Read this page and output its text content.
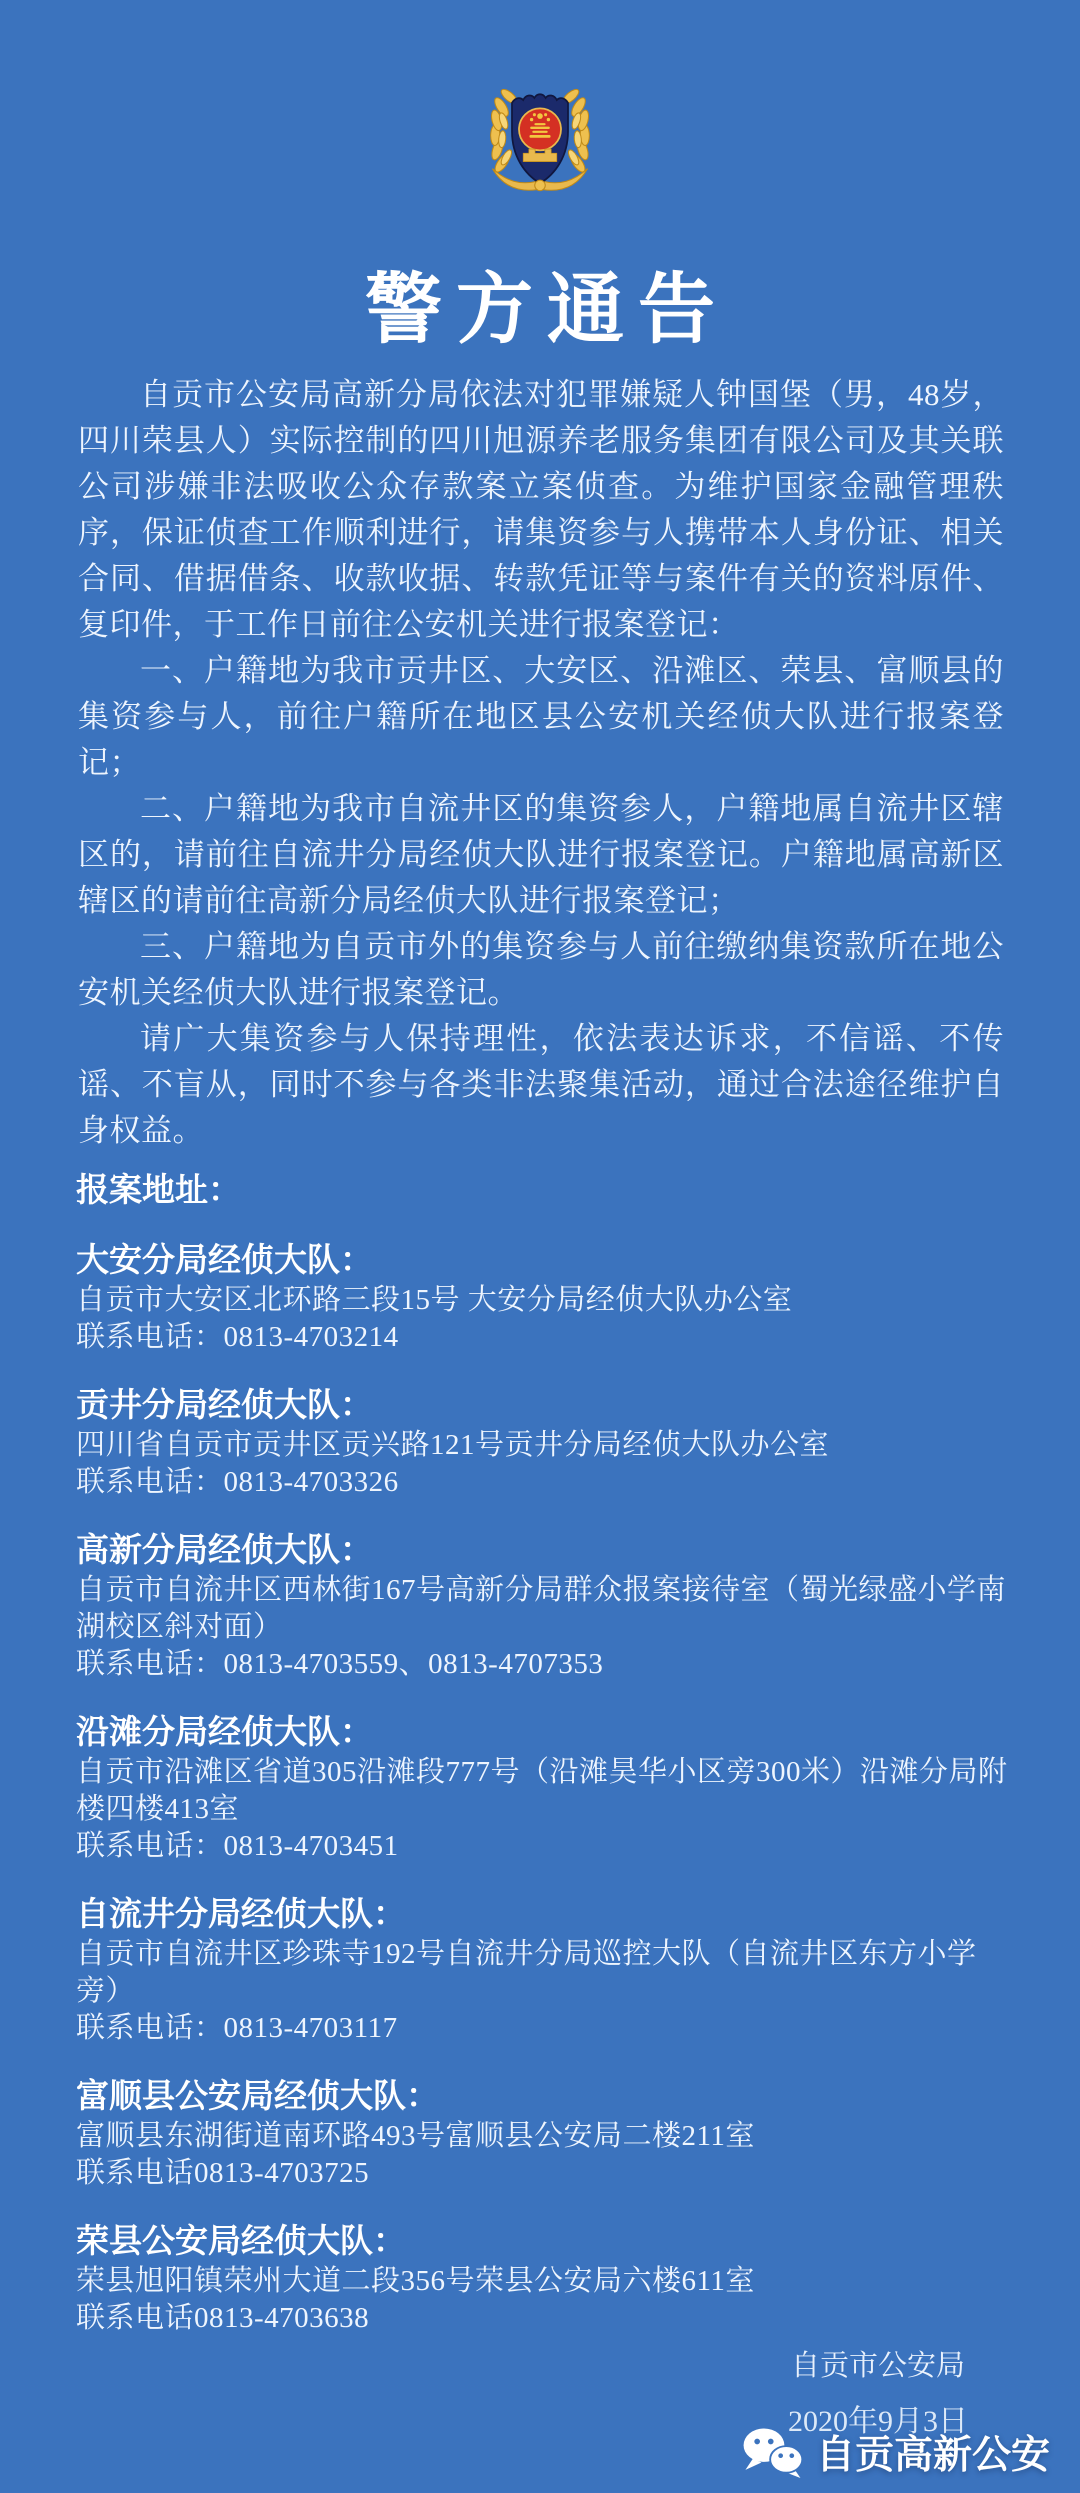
警方通告

自贡市公安局高新分局依法对犯罪嫌疑人钟国堡（男，48岁，四川荣县人）实际控制的四川旭源养老服务集团有限公司及其关联公司涉嫌非法吸收公众存款案立案侦查。为维护国家金融管理秩序，保证侦查工作顺利进行，请集资参与人携带本人身份证、相关合同、借据借条、收款收据、转款凭证等与案件有关的资料原件、复印件，于工作日前往公安机关进行报案登记：

一、户籍地为我市贡井区、大安区、沿滩区、荣县、富顺县的集资参与人，前往户籍所在地区县公安机关经侦大队进行报案登记；

二、户籍地为我市自流井区的集资参人，户籍地属自流井区辖区的，请前往自流井分局经侦大队进行报案登记。户籍地属高新区辖区的请前往高新分局经侦大队进行报案登记；

三、户籍地为自贡市外的集资参与人前往缴纳集资款所在地公安机关经侦大队进行报案登记。

请广大集资参与人保持理性，依法表达诉求，不信谣、不传谣、不盲从，同时不参与各类非法聚集活动，通过合法途径维护自身权益。

报案地址：
大安分局经侦大队：
自贡市大安区北环路三段15号 大安分局经侦大队办公室
联系电话：0813-4703214
贡井分局经侦大队：
四川省自贡市贡井区贡兴路121号贡井分局经侦大队办公室
联系电话：0813-4703326
高新分局经侦大队：
自贡市自流井区西林街167号高新分局群众报案接待室（蜀光绿盛小学南湖校区斜对面）
联系电话：0813-4703559、0813-4707353
沿滩分局经侦大队：
自贡市沿滩区省道305沿滩段777号（沿滩昊华小区旁300米）沿滩分局附楼四楼413室
联系电话：0813-4703451
自流井分局经侦大队：
自贡市自流井区珍珠寺192号自流井分局巡控大队（自流井区东方小学旁）
联系电话：0813-4703117
富顺县公安局经侦大队：
富顺县东湖街道南环路493号富顺县公安局二楼211室
联系电话0813-4703725
荣县公安局经侦大队：
荣县旭阳镇荣州大道二段356号荣县公安局六楼611室
联系电话0813-4703638
自贡市公安局
2020年9月3日
自贡高新公安
